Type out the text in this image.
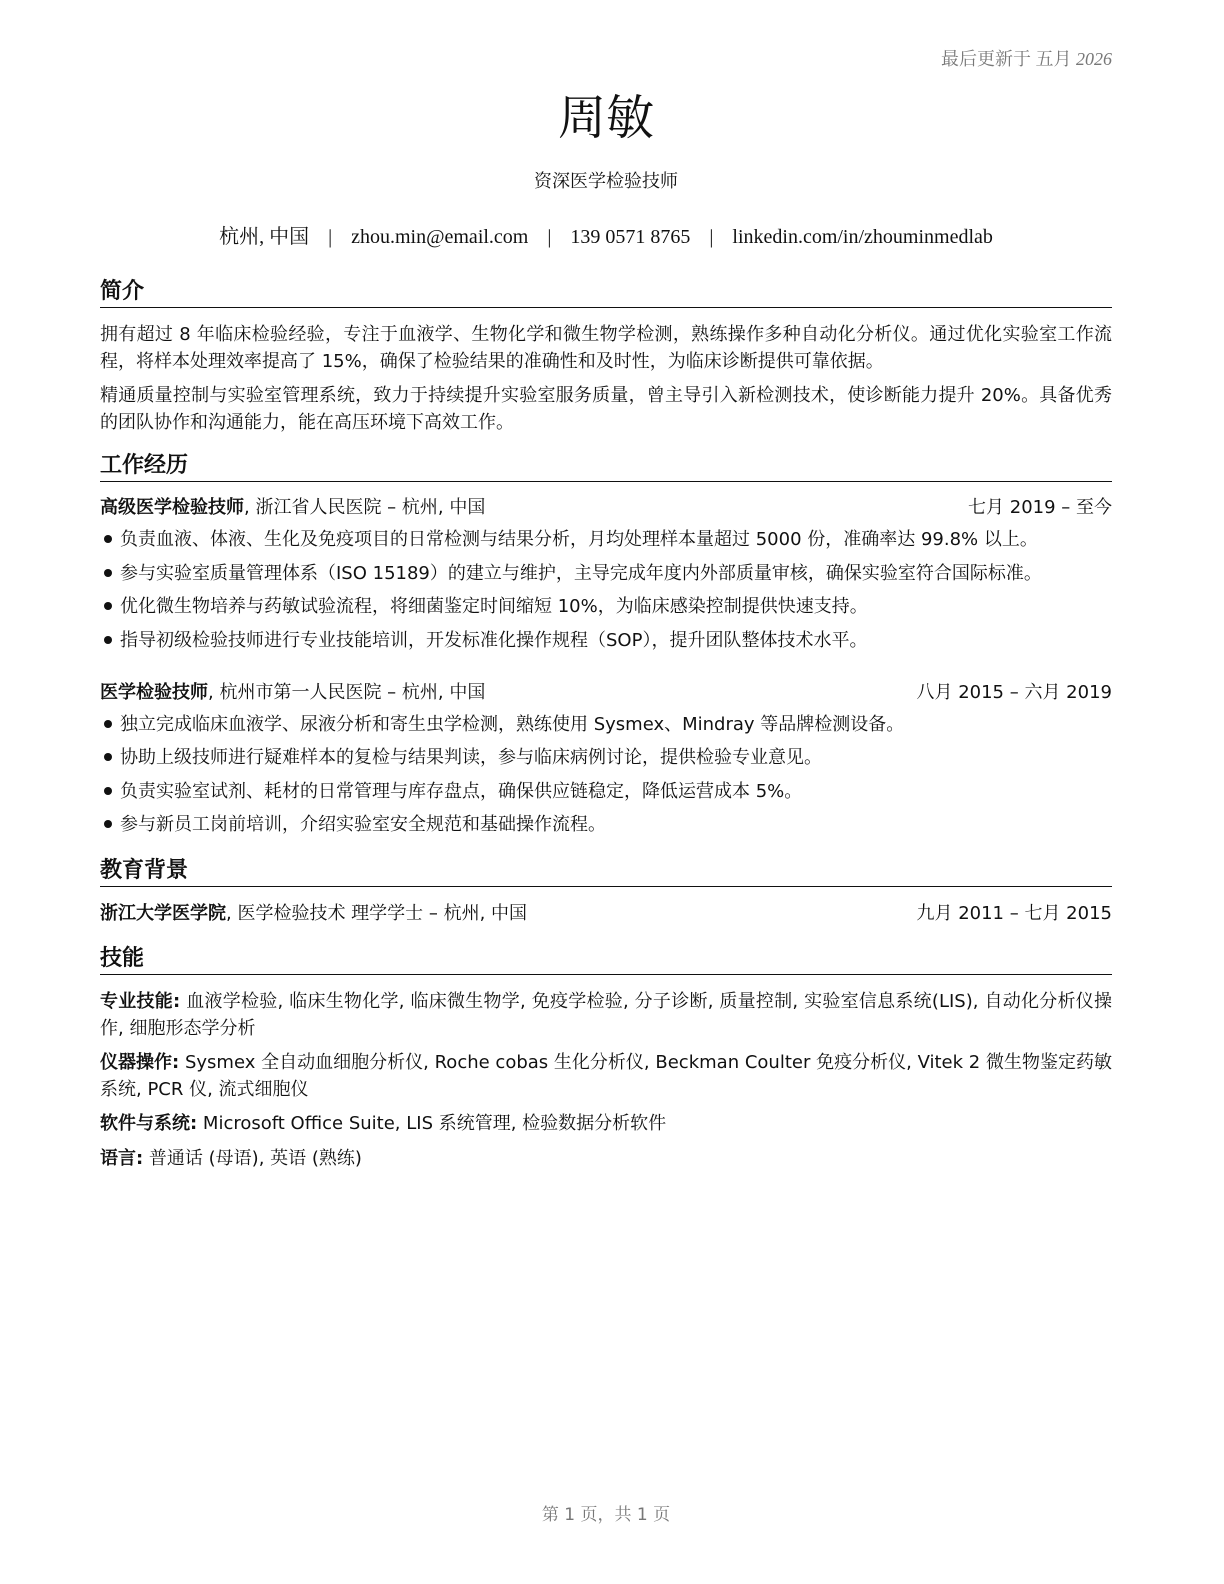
最后更新于 五月 2026
周敏
资深医学检验技师
杭州, 中国 | zhou.min@email.com | 139 0571 8765 | linkedin.com/in/zhouminmedlab
简介
拥有超过 8 年临床检验经验，专注于血液学、生物化学和微生物学检测，熟练操作多种自动化分析仪。通过优化实验室工作流程，将样本处理效率提高了 15%，确保了检验结果的准确性和及时性，为临床诊断提供可靠依据。
精通质量控制与实验室管理系统，致力于持续提升实验室服务质量，曾主导引入新检测技术，使诊断能力提升 20%。具备优秀的团队协作和沟通能力，能在高压环境下高效工作。
工作经历
高级医学检验技师, 浙江省人民医院 – 杭州, 中国	七月 2019 – 至今
负责血液、体液、生化及免疫项目的日常检测与结果分析，月均处理样本量超过 5000 份，准确率达 99.8% 以上。
参与实验室质量管理体系（ISO 15189）的建立与维护，主导完成年度内外部质量审核，确保实验室符合国际标准。
优化微生物培养与药敏试验流程，将细菌鉴定时间缩短 10%，为临床感染控制提供快速支持。
指导初级检验技师进行专业技能培训，开发标准化操作规程（SOP），提升团队整体技术水平。
医学检验技师, 杭州市第一人民医院 – 杭州, 中国	八月 2015 – 六月 2019
独立完成临床血液学、尿液分析和寄生虫学检测，熟练使用 Sysmex、Mindray 等品牌检测设备。
协助上级技师进行疑难样本的复检与结果判读，参与临床病例讨论，提供检验专业意见。
负责实验室试剂、耗材的日常管理与库存盘点，确保供应链稳定，降低运营成本 5%。
参与新员工岗前培训，介绍实验室安全规范和基础操作流程。
教育背景
浙江大学医学院, 医学检验技术 理学学士 – 杭州, 中国	九月 2011 – 七月 2015
技能
专业技能: 血液学检验, 临床生物化学, 临床微生物学, 免疫学检验, 分子诊断, 质量控制, 实验室信息系统(LIS), 自动化分析仪操作, 细胞形态学分析
仪器操作: Sysmex 全自动血细胞分析仪, Roche cobas 生化分析仪, Beckman Coulter 免疫分析仪, Vitek 2 微生物鉴定药敏系统, PCR 仪, 流式细胞仪
软件与系统: Microsoft Office Suite, LIS 系统管理, 检验数据分析软件
语言: 普通话 (母语), 英语 (熟练)
第 1 页，共 1 页
